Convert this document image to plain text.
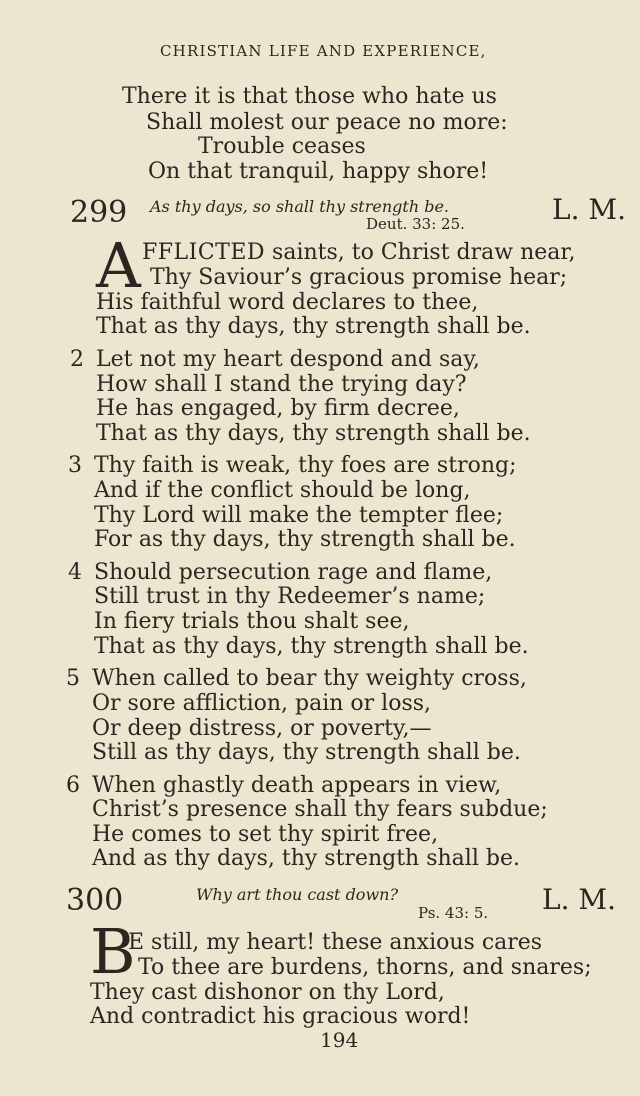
CHRISTIAN LIFE AND EXPERIENCE,
There it is that those who hate us
Shall molest our peace no more:
Trouble ceases
On that tranquil, happy shore!
299 As thy days, so shall thy strength be.
Deut. 33: 25.	L. M.
A FFLICTED saints, to Christ draw near,
Thy Saviour’s gracious promise hear;
His faithful word declares to thee,
That as thy days, thy strength shall be.
2 Let not my heart despond and say,
How shall I stand the trying day?
He has engaged, by firm decree,
That as thy days, thy strength shall be.
3 Thy faith is weak, thy foes are strong;
And if the conflict should be long,
Thy Lord will make the tempter flee;
For as thy days, thy strength shall be.
4 Should persecution rage and flame,
Still trust in thy Redeemer’s name;
In fiery trials thou shalt see,
That as thy days, thy strength shall be.
5 When called to bear thy weighty cross,
Or sore affliction, pain or loss,
Or deep distress, or poverty,—
Still as thy days, thy strength shall be.
6 When ghastly death appears in view,
Christ’s presence shall thy fears subdue;
He comes to set thy spirit free,
And as thy days, thy strength shall be.
300	Why art thou cast down?
Ps. 43: 5. L. M.
B
E still, my heart! these anxious cares
To thee are burdens, thorns, and snares;
They cast dishonor on thy Lord,
And contradict his gracious word!
194
